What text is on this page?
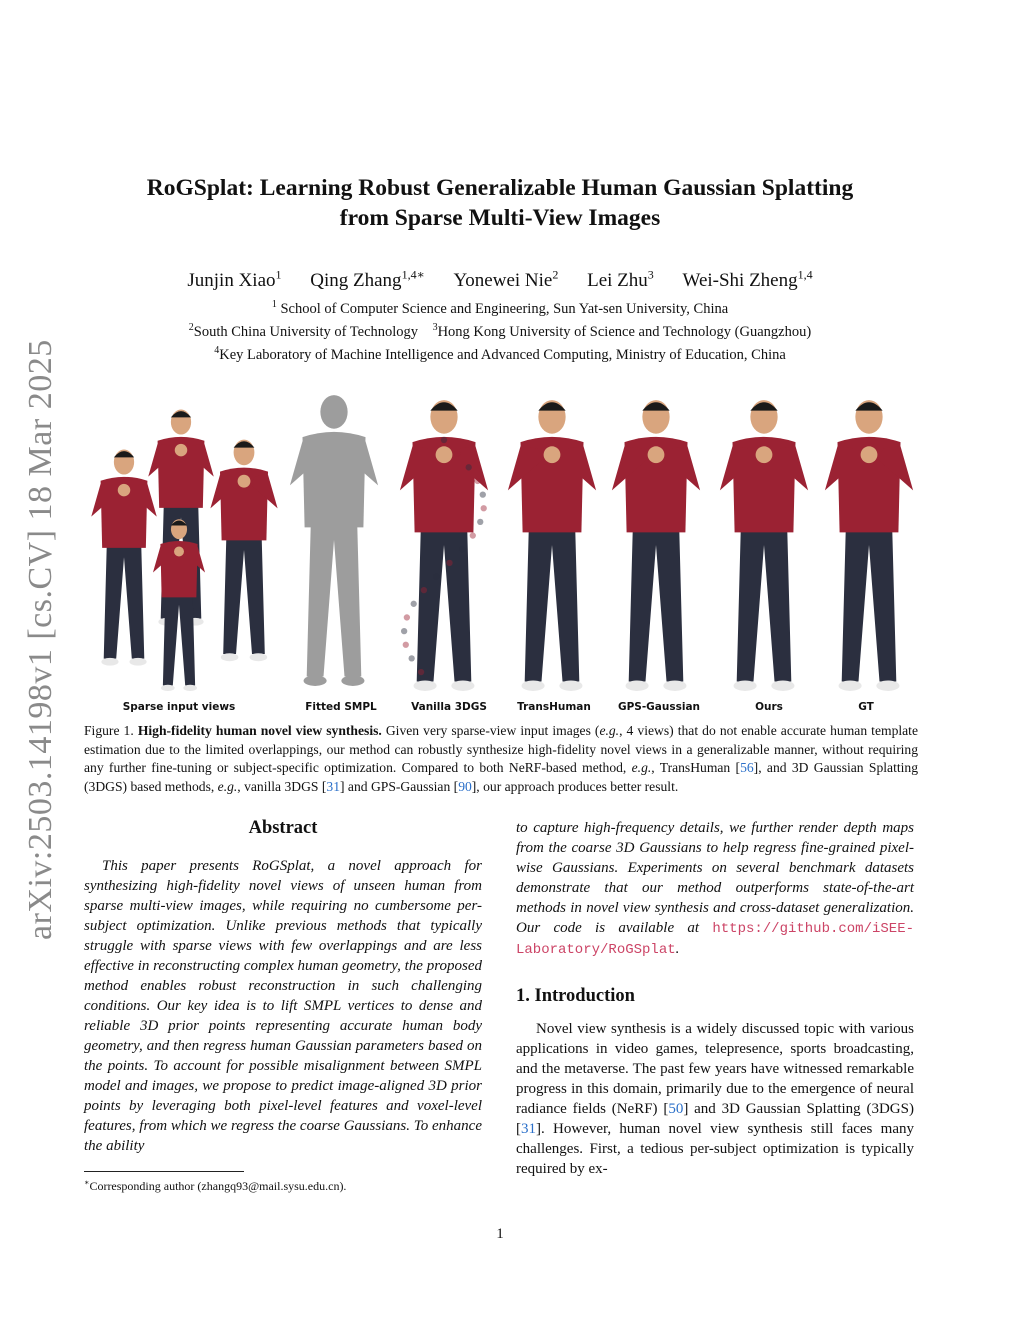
arXiv:2503.14198v1 [cs.CV] 18 Mar 2025
RoGSplat: Learning Robust Generalizable Human Gaussian Splatting
from Sparse Multi-View Images
Junjin Xiao$^1$ Qing Zhang$^{1,4∗}$ Yonewei Nie$^2$ Lei Zhu$^3$ Wei-Shi Zheng$^{1,4}$
$^1$ School of Computer Science and Engineering, Sun Yat-sen University, China
$^2$South China University of Technology $^3$Hong Kong University of Science and Technology (Guangzhou)
$^4$Key Laboratory of Machine Intelligence and Advanced Computing, Ministry of Education, China
Sparse input views	Fitted SMPL	Vanilla 3DGS	TransHuman	GPS-Gaussian	Ours	GT
Figure 1. High-fidelity human novel view synthesis. Given very sparse-view input images (e.g., 4 views) that do not enable accurate human template estimation due to the limited overlappings, our method can robustly synthesize high-fidelity novel views in a generalizable manner, without requiring any further fine-tuning or subject-specific optimization. Compared to both NeRF-based method, e.g., TransHuman [56], and 3D Gaussian Splatting (3DGS) based methods, e.g., vanilla 3DGS [31] and GPS-Gaussian [90], our approach produces better result.
Abstract

This paper presents RoGSplat, a novel approach for synthesizing high-fidelity novel views of unseen human from sparse multi-view images, while requiring no cumbersome per-subject optimization. Unlike previous methods that typically struggle with sparse views with few overlappings and are less effective in reconstructing complex human geometry, the proposed method enables robust reconstruction in such challenging conditions. Our key idea is to lift SMPL vertices to dense and reliable 3D prior points representing accurate human body geometry, and then regress human Gaussian parameters based on the points. To account for possible misalignment between SMPL model and images, we propose to predict image-aligned 3D prior points by leveraging both pixel-level features and voxel-level features, from which we regress the coarse Gaussians. To enhance the ability

to capture high-frequency details, we further render depth maps from the coarse 3D Gaussians to help regress fine-grained pixel-wise Gaussians. Experiments on several benchmark datasets demonstrate that our method outperforms state-of-the-art methods in novel view synthesis and cross-dataset generalization. Our code is available at https://github.com/iSEE-Laboratory/RoGSplat.

1. Introduction

Novel view synthesis is a widely discussed topic with various applications in video games, telepresence, sports broadcasting, and the metaverse. The past few years have witnessed remarkable progress in this domain, primarily due to the emergence of neural radiance fields (NeRF) [50] and 3D Gaussian Splatting (3DGS) [31]. However, human novel view synthesis still faces many challenges. First, a tedious per-subject optimization is typically required by ex-

∗Corresponding author (zhangq93@mail.sysu.edu.cn).
1
